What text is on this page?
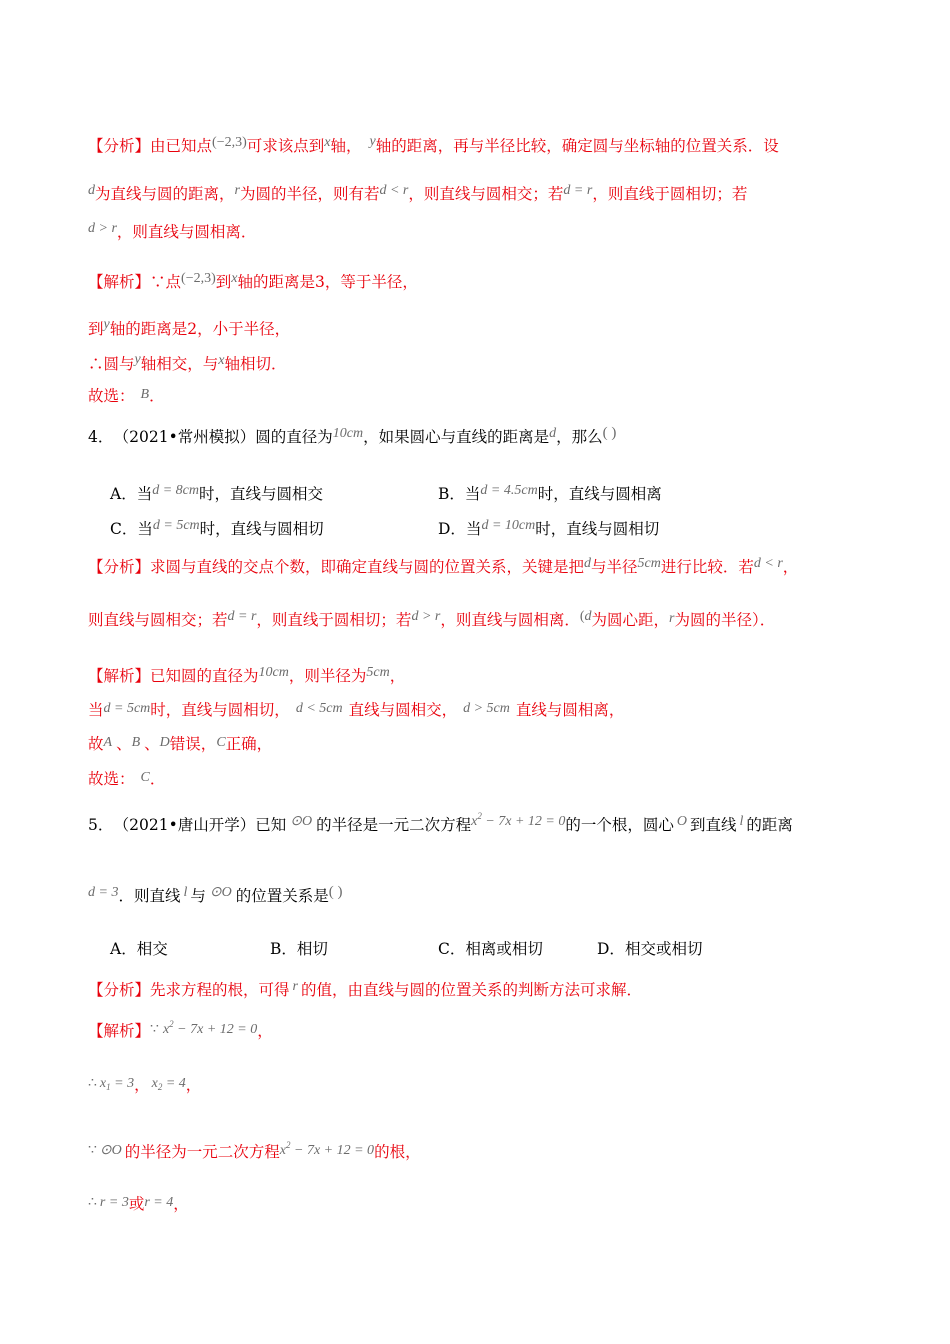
【分析】由已知点(−2,3)可求该点到x轴， y轴的距离，再与半径比较，确定圆与坐标轴的位置关系．设
d为直线与圆的距离，r为圆的半径，则有若d < r，则直线与圆相交；若d = r，则直线于圆相切；若
d > r，则直线与圆相离．
【解析】∵点(−2,3)到x轴的距离是3，等于半径，
到y轴的距离是2，小于半径，
∴圆与y轴相交，与x轴相切．
故选： B．
4． （2021•常州模拟）圆的直径为10cm，如果圆心与直线的距离是d，那么( )
A．当d = 8cm时，直线与圆相交	B．当d = 4.5cm时，直线与圆相离
C．当d = 5cm时，直线与圆相切	D．当d = 10cm时，直线与圆相切
【分析】求圆与直线的交点个数，即确定直线与圆的位置关系，关键是把d与半径5cm进行比较．若d < r，
则直线与圆相交；若d = r，则直线于圆相切；若d > r，则直线与圆相离．(d为圆心距，r为圆的半径）．
【解析】已知圆的直径为10cm，则半径为5cm，
当d = 5cm时，直线与圆相切， d < 5cm 直线与圆相交， d > 5cm 直线与圆相离，
故A 、B 、D错误，C正确，
故选： C．
5． （2021•唐山开学）已知 ⊙O 的半径是一元二次方程$x^2 - 7x + 12 = 0$的一个根，圆心 O 到直线 l 的距离
d = 3．则直线 l 与 ⊙O 的位置关系是( )
A．相交	B．相切	C．相离或相切	D．相交或相切
【分析】先求方程的根，可得 r 的值，由直线与圆的位置关系的判断方法可求解．
【解析】∵ $x^2 - 7x + 12 = 0$，
∴ $x_1 = 3$， $x_2 = 4$，
∵ ⊙O 的半径为一元二次方程$x^2 - 7x + 12 = 0$的根，
∴ r = 3或r = 4，
